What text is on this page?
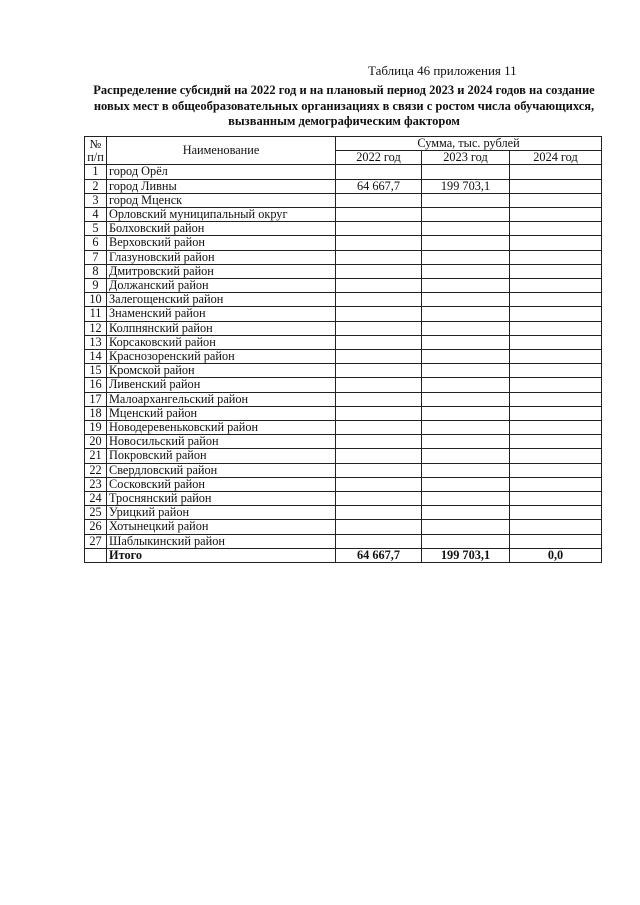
Таблица 46 приложения 11
Распределение субсидий на 2022 год и на плановый период 2023 и 2024 годов на создание новых мест в общеобразовательных организациях в связи с ростом числа обучающихся, вызванным демографическим фактором
№
п/п	Наименование	Сумма, тыс. рублей		
		2022 год	2023 год	2024 год
1	город Орёл			
2	город Ливны	64 667,7	199 703,1	
3	город Мценск			
4	Орловский муниципальный округ			
5	Болховский район			
6	Верховский район			
7	Глазуновский район			
8	Дмитровский район			
9	Должанский район			
10	Залегощенский район			
11	Знаменский район			
12	Колпнянский район			
13	Корсаковский район			
14	Краснозоренский район			
15	Кромской район			
16	Ливенский район			
17	Малоархангельский район			
18	Мценский район			
19	Новодеревеньковский район			
20	Новосильский район			
21	Покровский район			
22	Свердловский район			
23	Сосковский район			
24	Троснянский район			
25	Урицкий район			
26	Хотынецкий район			
27	Шаблыкинский район			
	Итого	64 667,7	199 703,1	0,0
